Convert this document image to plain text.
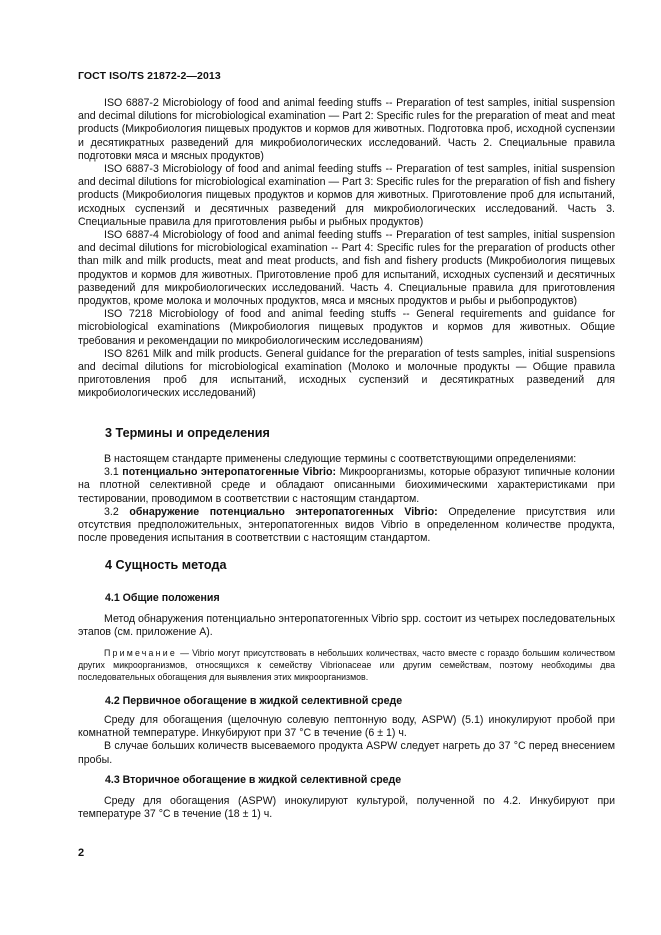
ГОСТ ISO/TS 21872-2—2013

ISO 6887-2 Microbiology of food and animal feeding stuffs -- Preparation of test samples, initial suspension and decimal dilutions for microbiological examination — Part 2: Specific rules for the preparation of meat and meat products (Микробиология пищевых продуктов и кормов для животных. Подготовка проб, исходной суспензии и десятикратных разведений для микробиологических исследований. Часть 2. Специальные правила подготовки мяса и мясных продуктов)

ISO 6887-3 Microbiology of food and animal feeding stuffs -- Preparation of test samples, initial suspension and decimal dilutions for microbiological examination — Part 3: Specific rules for the preparation of fish and fishery products (Микробиология пищевых продуктов и кормов для животных. Приготовление проб для испытаний, исходных суспензий и десятичных разведений для микробиологических исследований. Часть 3. Специальные правила для приготовления рыбы и рыбных продуктов)

ISO 6887-4 Microbiology of food and animal feeding stuffs -- Preparation of test samples, initial suspension and decimal dilutions for microbiological examination -- Part 4: Specific rules for the preparation of products other than milk and milk products, meat and meat products, and fish and fishery products (Микробиология пищевых продуктов и кормов для животных. Приготовление проб для испытаний, исходных суспензий и десятичных разведений для микробиологических исследований. Часть 4. Специальные правила для приготовления продуктов, кроме молока и молочных продуктов, мяса и мясных продуктов и рыбы и рыбопродуктов)

ISO 7218 Microbiology of food and animal feeding stuffs -- General requirements and guidance for microbiological examinations (Микробиология пищевых продуктов и кормов для животных. Общие требования и рекомендации по микробиологическим исследованиям)

ISO 8261 Milk and milk products. General guidance for the preparation of tests samples, initial suspensions and decimal dilutions for microbiological examination (Молоко и молочные продукты — Общие правила приготовления проб для испытаний, исходных суспензий и десятикратных разведений для микробиологических исследований)

3 Термины и определения

В настоящем стандарте применены следующие термины с соответствующими определениями:

3.1 потенциально энтеропатогенные Vibrio: Микроорганизмы, которые образуют типичные колонии на плотной селективной среде и обладают описанными биохимическими характеристиками при тестировании, проводимом в соответствии с настоящим стандартом.

3.2 обнаружение потенциально энтеропатогенных Vibrio: Определение присутствия или отсутствия предположительных, энтеропатогенных видов Vibrio в определенном количестве продукта, после проведения испытания в соответствии с настоящим стандартом.

4 Сущность метода
4.1 Общие положения

Метод обнаружения потенциально энтеропатогенных Vibrio spp. состоит из четырех последовательных этапов (см. приложение А).

Примечание — Vibrio могут присутствовать в небольших количествах, часто вместе с гораздо большим количеством других микроорганизмов, относящихся к семейству Vibrionaceae или другим семействам, поэтому необходимы два последовательных обогащения для выявления этих микроорганизмов.

4.2 Первичное обогащение в жидкой селективной среде

Среду для обогащения (щелочную солевую пептонную воду, ASPW) (5.1) инокулируют пробой при комнатной температуре. Инкубируют при 37 °С в течение (6 ± 1) ч.

В случае больших количеств высеваемого продукта ASPW следует нагреть до 37 °С перед внесением пробы.

4.3 Вторичное обогащение в жидкой селективной среде

Среду для обогащения (ASPW) инокулируют культурой, полученной по 4.2. Инкубируют при температуре 37 °С в течение (18 ± 1) ч.

2
